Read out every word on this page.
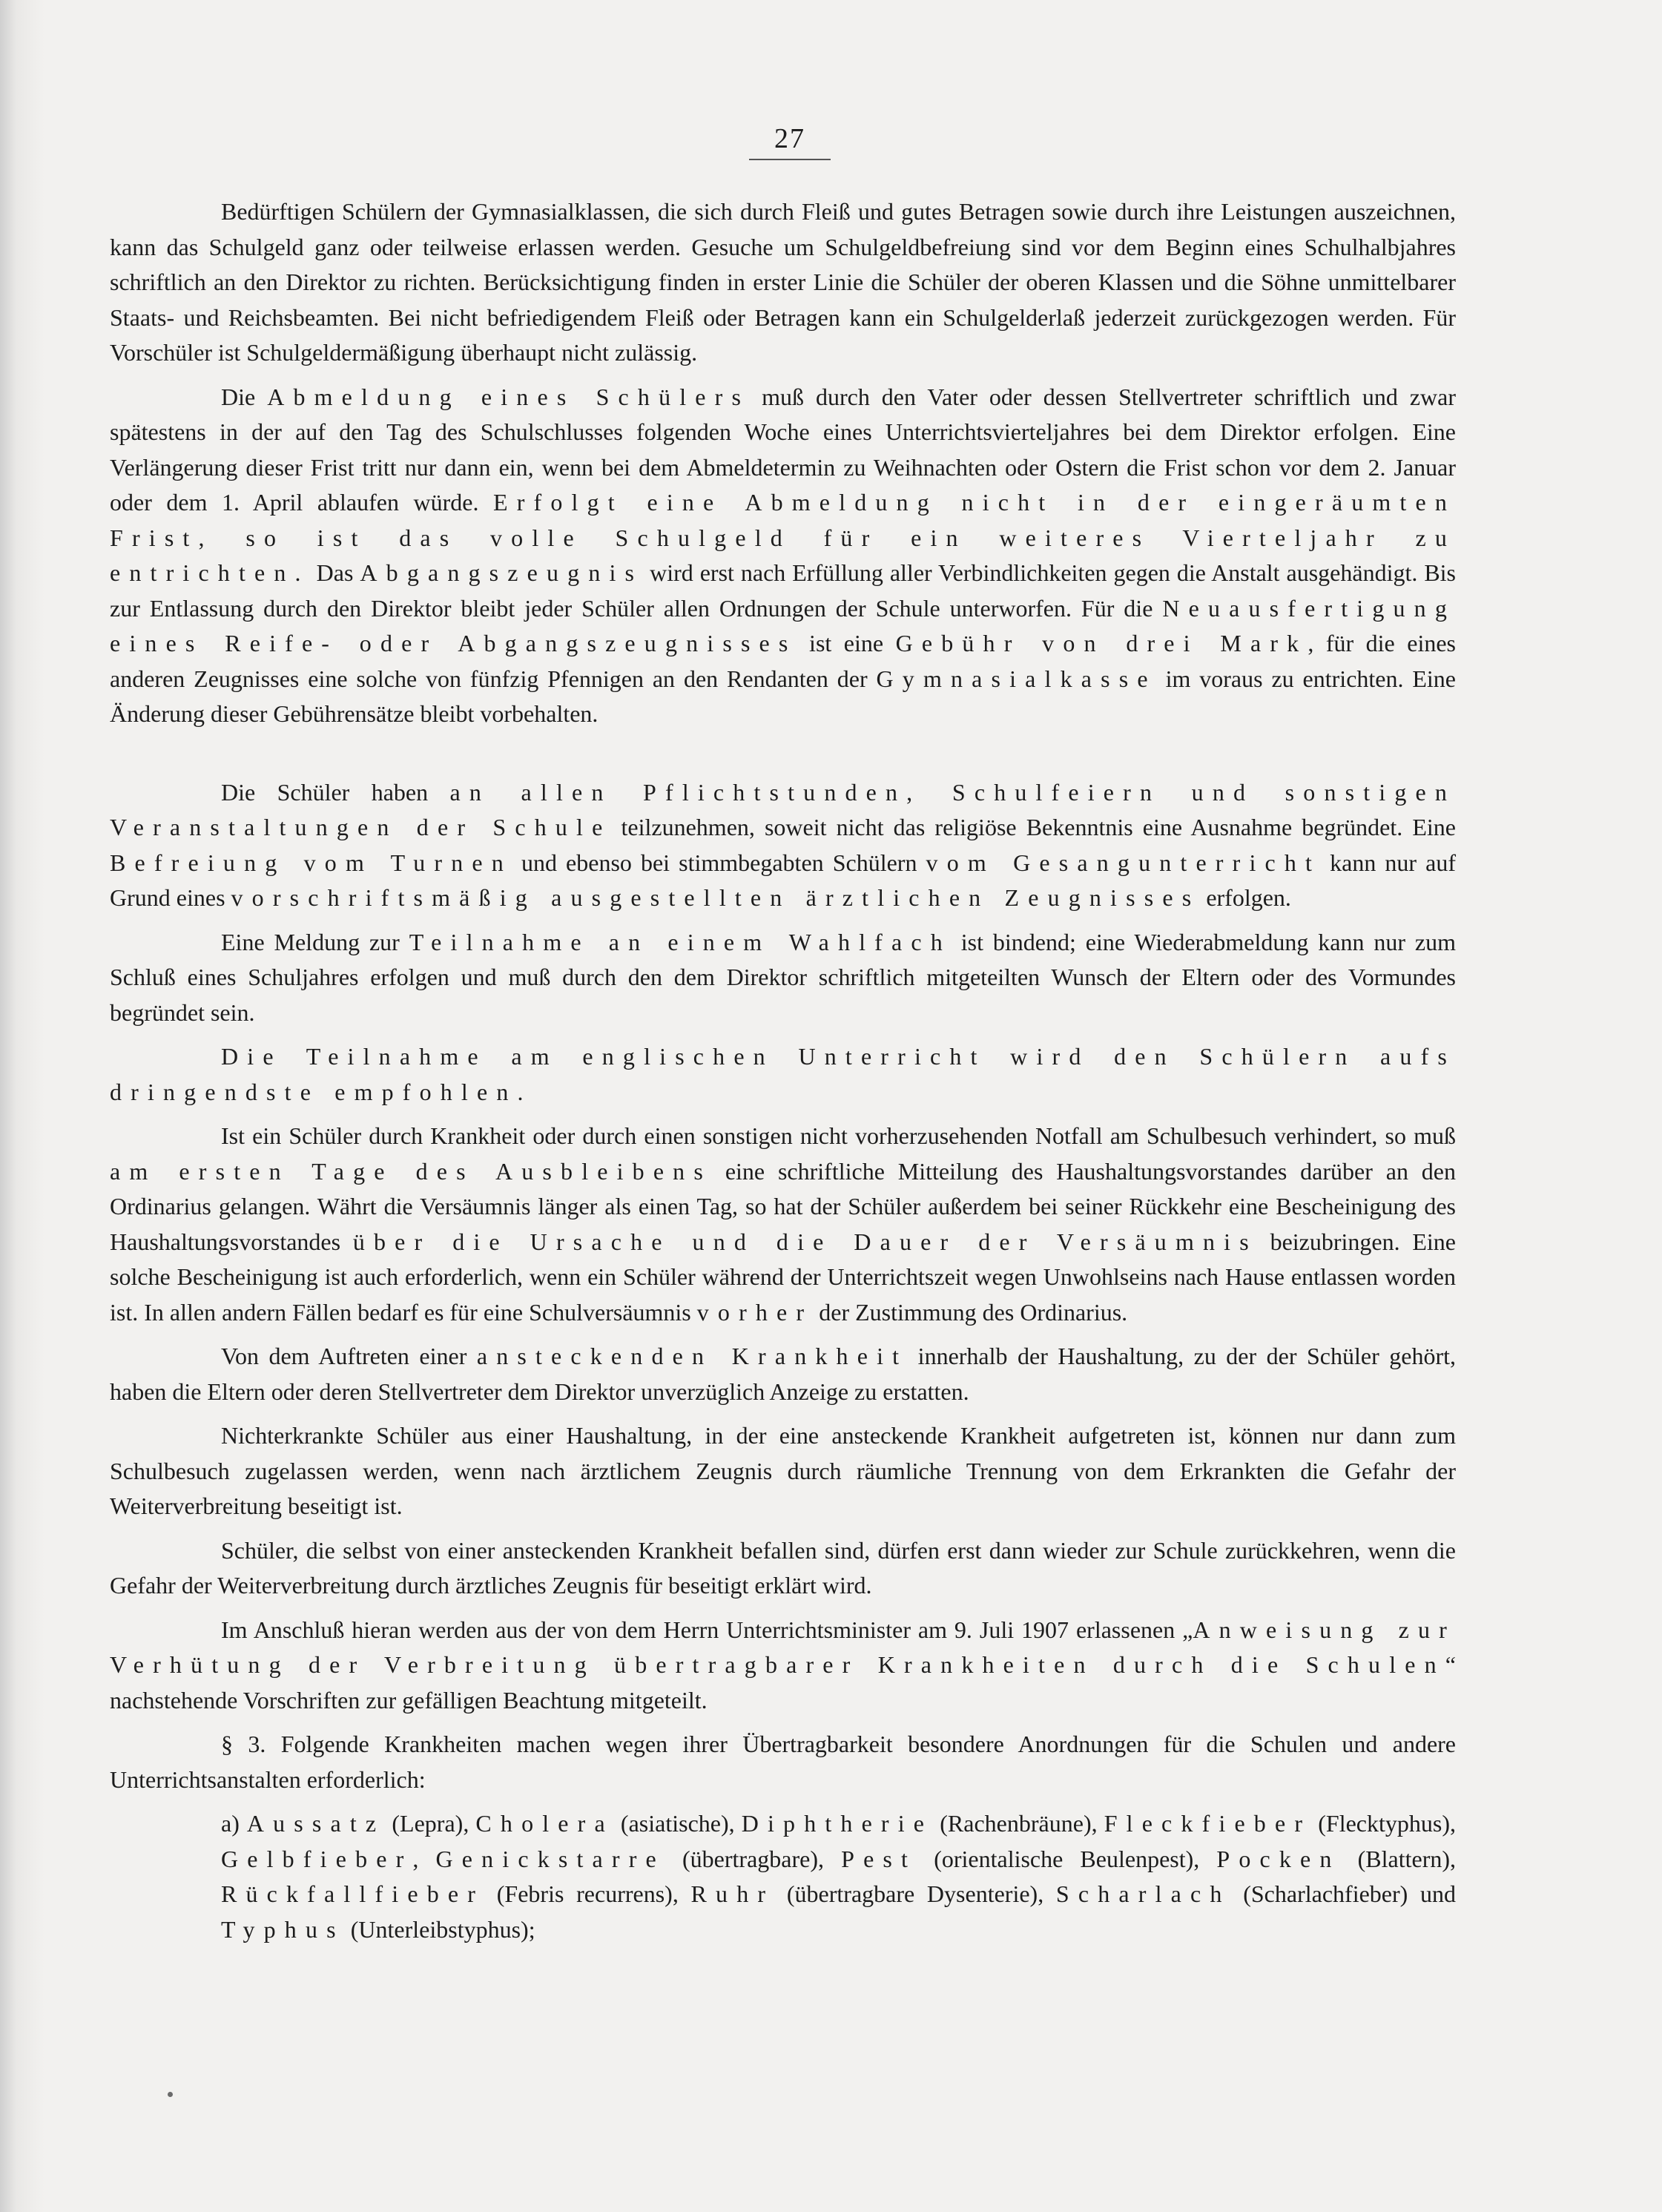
27

Bedürftigen Schülern der Gymnasialklassen, die sich durch Fleiß und gutes Betragen sowie durch ihre Leistungen auszeichnen, kann das Schulgeld ganz oder teilweise erlassen werden. Gesuche um Schulgeldbefreiung sind vor dem Beginn eines Schulhalbjahres schriftlich an den Direktor zu richten. Berücksichtigung finden in erster Linie die Schüler der oberen Klassen und die Söhne unmittelbarer Staats- und Reichsbeamten. Bei nicht befriedigendem Fleiß oder Betragen kann ein Schulgelderlaß jederzeit zurückgezogen werden. Für Vorschüler ist Schulgeldermäßigung überhaupt nicht zulässig.

Die Abmeldung eines Schülers muß durch den Vater oder dessen Stellvertreter schriftlich und zwar spätestens in der auf den Tag des Schulschlusses folgenden Woche eines Unterrichtsvierteljahres bei dem Direktor erfolgen. Eine Verlängerung dieser Frist tritt nur dann ein, wenn bei dem Abmeldetermin zu Weihnachten oder Ostern die Frist schon vor dem 2. Januar oder dem 1. April ablaufen würde. Erfolgt eine Abmeldung nicht in der eingeräumten Frist, so ist das volle Schulgeld für ein weiteres Vierteljahr zu entrichten. Das Abgangszeugnis wird erst nach Erfüllung aller Verbindlichkeiten gegen die Anstalt ausgehändigt. Bis zur Entlassung durch den Direktor bleibt jeder Schüler allen Ordnungen der Schule unterworfen. Für die Neuausfertigung eines Reife- oder Abgangszeugnisses ist eine Gebühr von drei Mark, für die eines anderen Zeugnisses eine solche von fünfzig Pfennigen an den Rendanten der Gymnasialkasse im voraus zu entrichten. Eine Änderung dieser Gebührensätze bleibt vorbehalten.

Die Schüler haben an allen Pflichtstunden, Schulfeiern und sonstigen Veranstaltungen der Schule teilzunehmen, soweit nicht das religiöse Bekenntnis eine Ausnahme begründet. Eine Befreiung vom Turnen und ebenso bei stimmbegabten Schülern vom Gesangunterricht kann nur auf Grund eines vorschriftsmäßig ausgestellten ärztlichen Zeugnisses erfolgen.

Eine Meldung zur Teilnahme an einem Wahlfach ist bindend; eine Wiederabmeldung kann nur zum Schluß eines Schuljahres erfolgen und muß durch den dem Direktor schriftlich mitgeteilten Wunsch der Eltern oder des Vormundes begründet sein.

Die Teilnahme am englischen Unterricht wird den Schülern aufs dringendste empfohlen.

Ist ein Schüler durch Krankheit oder durch einen sonstigen nicht vorherzusehenden Notfall am Schulbesuch verhindert, so muß am ersten Tage des Ausbleibens eine schriftliche Mitteilung des Haushaltungsvorstandes darüber an den Ordinarius gelangen. Währt die Versäumnis länger als einen Tag, so hat der Schüler außerdem bei seiner Rückkehr eine Bescheinigung des Haushaltungsvorstandes über die Ursache und die Dauer der Versäumnis beizubringen. Eine solche Bescheinigung ist auch erforderlich, wenn ein Schüler während der Unterrichtszeit wegen Unwohlseins nach Hause entlassen worden ist. In allen andern Fällen bedarf es für eine Schulversäumnis vorher der Zustimmung des Ordinarius.

Von dem Auftreten einer ansteckenden Krankheit innerhalb der Haushaltung, zu der der Schüler gehört, haben die Eltern oder deren Stellvertreter dem Direktor unverzüglich Anzeige zu erstatten.

Nichterkrankte Schüler aus einer Haushaltung, in der eine ansteckende Krankheit aufgetreten ist, können nur dann zum Schulbesuch zugelassen werden, wenn nach ärztlichem Zeugnis durch räumliche Trennung von dem Erkrankten die Gefahr der Weiterverbreitung beseitigt ist.

Schüler, die selbst von einer ansteckenden Krankheit befallen sind, dürfen erst dann wieder zur Schule zurückkehren, wenn die Gefahr der Weiterverbreitung durch ärztliches Zeugnis für beseitigt erklärt wird.

Im Anschluß hieran werden aus der von dem Herrn Unterrichtsminister am 9. Juli 1907 erlassenen „Anweisung zur Verhütung der Verbreitung übertragbarer Krankheiten durch die Schulen“ nachstehende Vorschriften zur gefälligen Beachtung mitgeteilt.

§ 3. Folgende Krankheiten machen wegen ihrer Übertragbarkeit besondere Anordnungen für die Schulen und andere Unterrichtsanstalten erforderlich:

a) Aussatz (Lepra), Cholera (asiatische), Diphtherie (Rachenbräune), Fleckfieber (Flecktyphus), Gelbfieber, Genickstarre (übertragbare), Pest (orientalische Beulenpest), Pocken (Blattern), Rückfallfieber (Febris recurrens), Ruhr (übertragbare Dysenterie), Scharlach (Scharlachfieber) und Typhus (Unterleibstyphus);
